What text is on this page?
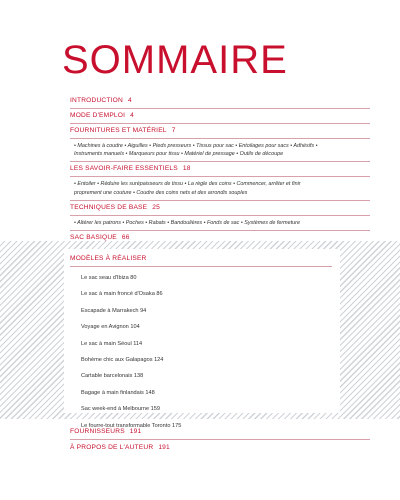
SOMMAIRE
INTRODUCTION 4
MODE D'EMPLOI 4
FOURNITURES ET MATÉRIEL 7
• Machines à coudre • Aiguilles • Pieds presseurs • Tissus pour sac • Entoilages pour sacs • Adhésifs •
Instruments manuels • Marqueurs pour tissu • Matériel de pressage • Outils de découpe
LES SAVOIR-FAIRE ESSENTIELS 18
• Entoiler • Réduire les surépaisseurs de tissu • La règle des coins • Commencer, arrêter et finir
proprement une couture • Coudre des coins nets et des arrondis souples
TECHNIQUES DE BASE 25
• Altérer les patrons • Poches • Rabats • Bandoulières • Fonds de sac • Systèmes de fermeture
SAC BASIQUE 66
MODÈLES À RÉALISER
Le sac seau d'Ibiza 80
Le sac à main froncé d'Osaka 86
Escapade à Marrakech 94
Voyage en Avignon 104
Le sac à main Séoul 114
Bohème chic aux Galapagos 124
Cartable barcelonais 138
Bagage à main finlandais 148
Sac week-end à Melbourne 159
Le fourre-tout transformable Toronto 175
FOURNISSEURS 191
À PROPOS DE L'AUTEUR 191
